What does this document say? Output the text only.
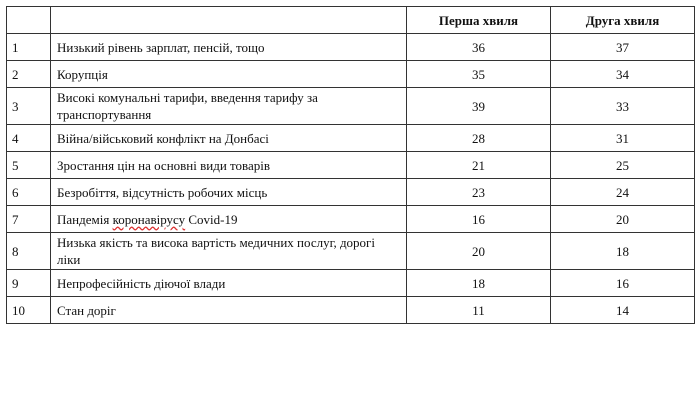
		Перша хвиля	Друга хвиля
1	Низький рівень зарплат, пенсій, тощо	36	37
2	Корупція	35	34
3	Високі комунальні тарифи, введення тарифу за транспортування	39	33
4	Війна/військовий конфлікт на Донбасі	28	31
5	Зростання цін на основні види товарів	21	25
6	Безробіття, відсутність робочих місць	23	24
7	Пандемія коронавірусу Covid-19	16	20
8	Низька якість та висока вартість медичних послуг, дорогі ліки	20	18
9	Непрофесійність діючої влади	18	16
10	Стан доріг	11	14
